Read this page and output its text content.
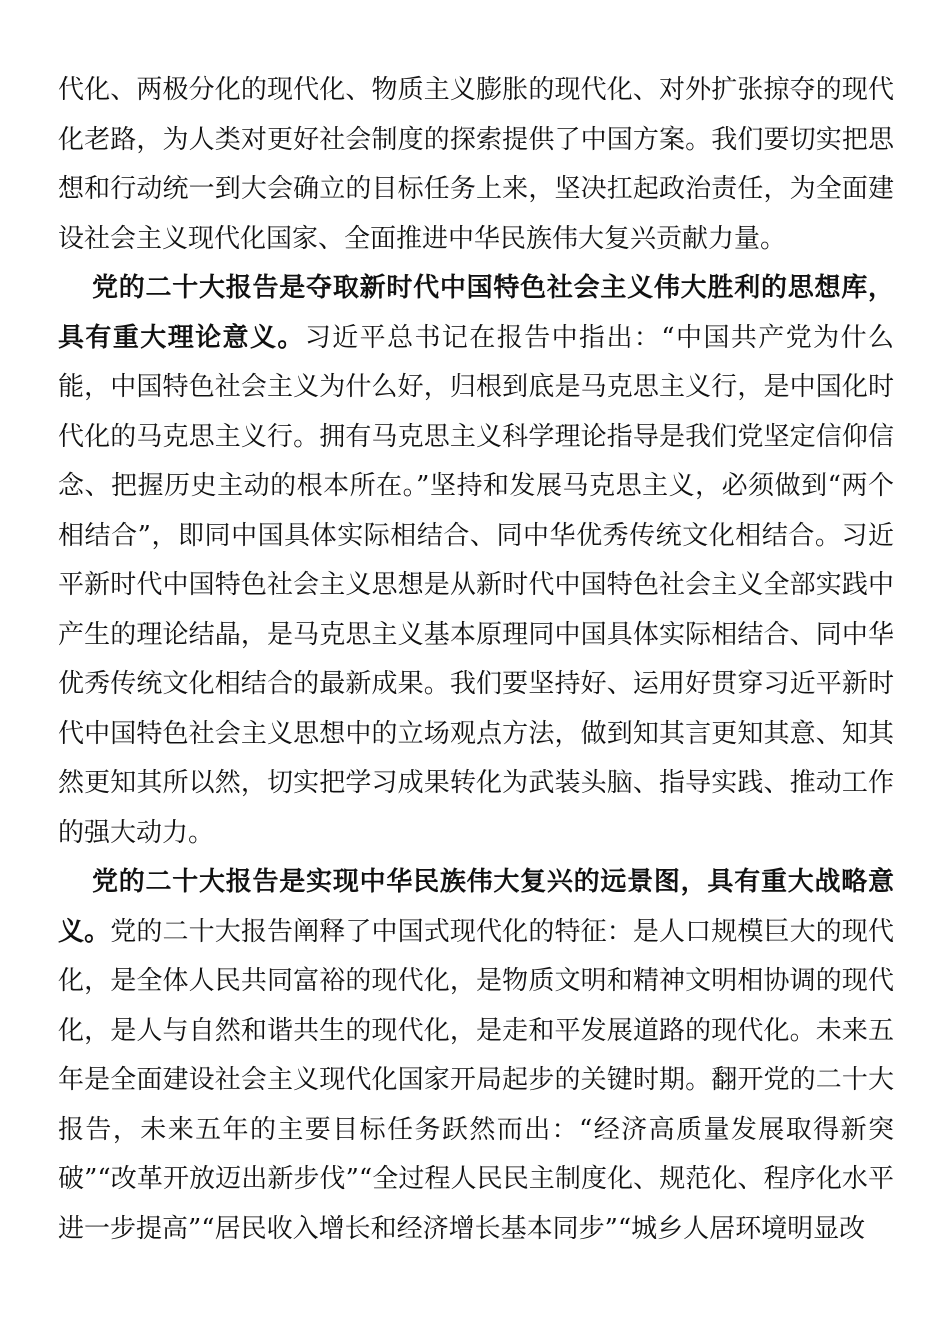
代化、两极分化的现代化、物质主义膨胀的现代化、对外扩张掠夺的现代化老路，为人类对更好社会制度的探索提供了中国方案。我们要切实把思想和行动统一到大会确立的目标任务上来，坚决扛起政治责任，为全面建设社会主义现代化国家、全面推进中华民族伟大复兴贡献力量。

党的二十大报告是夺取新时代中国特色社会主义伟大胜利的思想库，具有重大理论意义。习近平总书记在报告中指出：“中国共产党为什么能，中国特色社会主义为什么好，归根到底是马克思主义行，是中国化时代化的马克思主义行。拥有马克思主义科学理论指导是我们党坚定信仰信念、把握历史主动的根本所在。”坚持和发展马克思主义，必须做到“两个相结合”，即同中国具体实际相结合、同中华优秀传统文化相结合。习近平新时代中国特色社会主义思想是从新时代中国特色社会主义全部实践中产生的理论结晶，是马克思主义基本原理同中国具体实际相结合、同中华优秀传统文化相结合的最新成果。我们要坚持好、运用好贯穿习近平新时代中国特色社会主义思想中的立场观点方法，做到知其言更知其意、知其然更知其所以然，切实把学习成果转化为武装头脑、指导实践、推动工作的强大动力。

党的二十大报告是实现中华民族伟大复兴的远景图，具有重大战略意义。党的二十大报告阐释了中国式现代化的特征：是人口规模巨大的现代化，是全体人民共同富裕的现代化，是物质文明和精神文明相协调的现代化，是人与自然和谐共生的现代化，是走和平发展道路的现代化。未来五年是全面建设社会主义现代化国家开局起步的关键时期。翻开党的二十大报告，未来五年的主要目标任务跃然而出：“经济高质量发展取得新突破”“改革开放迈出新步伐”“全过程人民民主制度化、规范化、程序化水平进一步提高”“居民收入增长和经济增长基本同步”“城乡人居环境明显改
